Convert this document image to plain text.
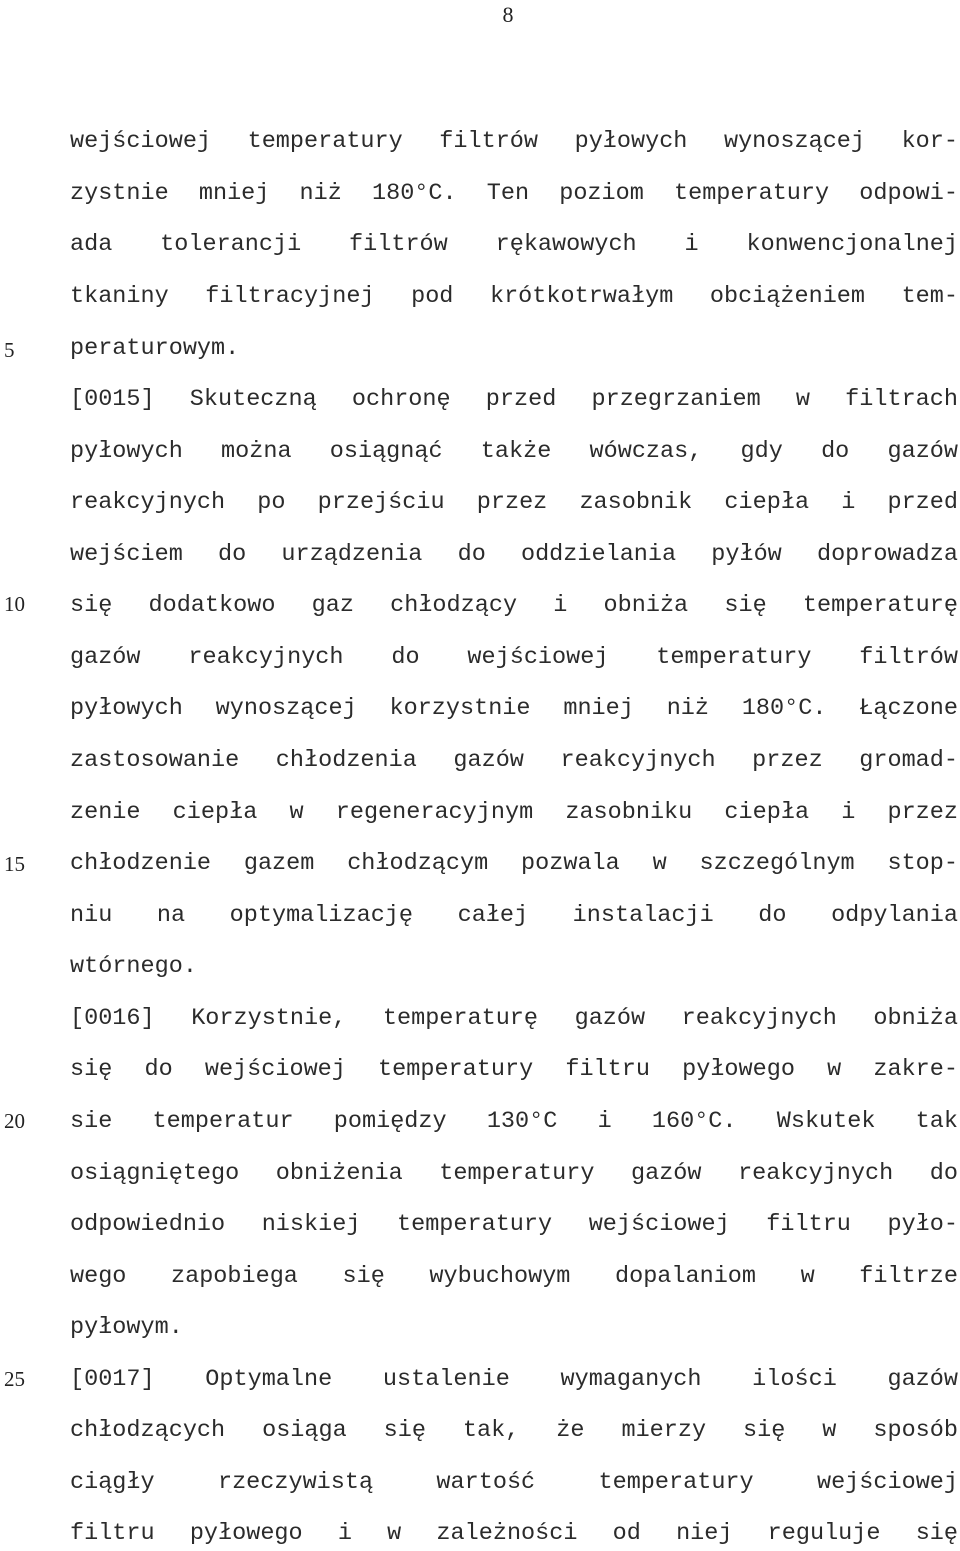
8
wejściowej temperatury filtrów pyłowych wynoszącej kor-
zystnie mniej niż 180°C. Ten poziom temperatury odpowi-
ada tolerancji filtrów rękawowych i konwencjonalnej
tkaniny filtracyjnej pod krótkotrwałym obciążeniem tem-
peraturowym.
[0015] Skuteczną ochronę przed przegrzaniem w filtrach
pyłowych można osiągnąć także wówczas, gdy do gazów
reakcyjnych po przejściu przez zasobnik ciepła i przed
wejściem do urządzenia do oddzielania pyłów doprowadza
się dodatkowo gaz chłodzący i obniża się temperaturę
gazów reakcyjnych do wejściowej temperatury filtrów
pyłowych wynoszącej korzystnie mniej niż 180°C. Łączone
zastosowanie chłodzenia gazów reakcyjnych przez gromad-
zenie ciepła w regeneracyjnym zasobniku ciepła i przez
chłodzenie gazem chłodzącym pozwala w szczególnym stop-
niu na optymalizację całej instalacji do odpylania
wtórnego.
[0016] Korzystnie, temperaturę gazów reakcyjnych obniża
się do wejściowej temperatury filtru pyłowego w zakre-
sie temperatur pomiędzy 130°C i 160°C. Wskutek tak
osiągniętego obniżenia temperatury gazów reakcyjnych do
odpowiednio niskiej temperatury wejściowej filtru pyło-
wego zapobiega się wybuchowym dopalaniom w filtrze
pyłowym.
[0017] Optymalne ustalenie wymaganych ilości gazów
chłodzących osiąga się tak, że mierzy się w sposób
ciągły rzeczywistą wartość temperatury wejściowej
filtru pyłowego i w zależności od niej reguluje się
5
10
15
20
25
